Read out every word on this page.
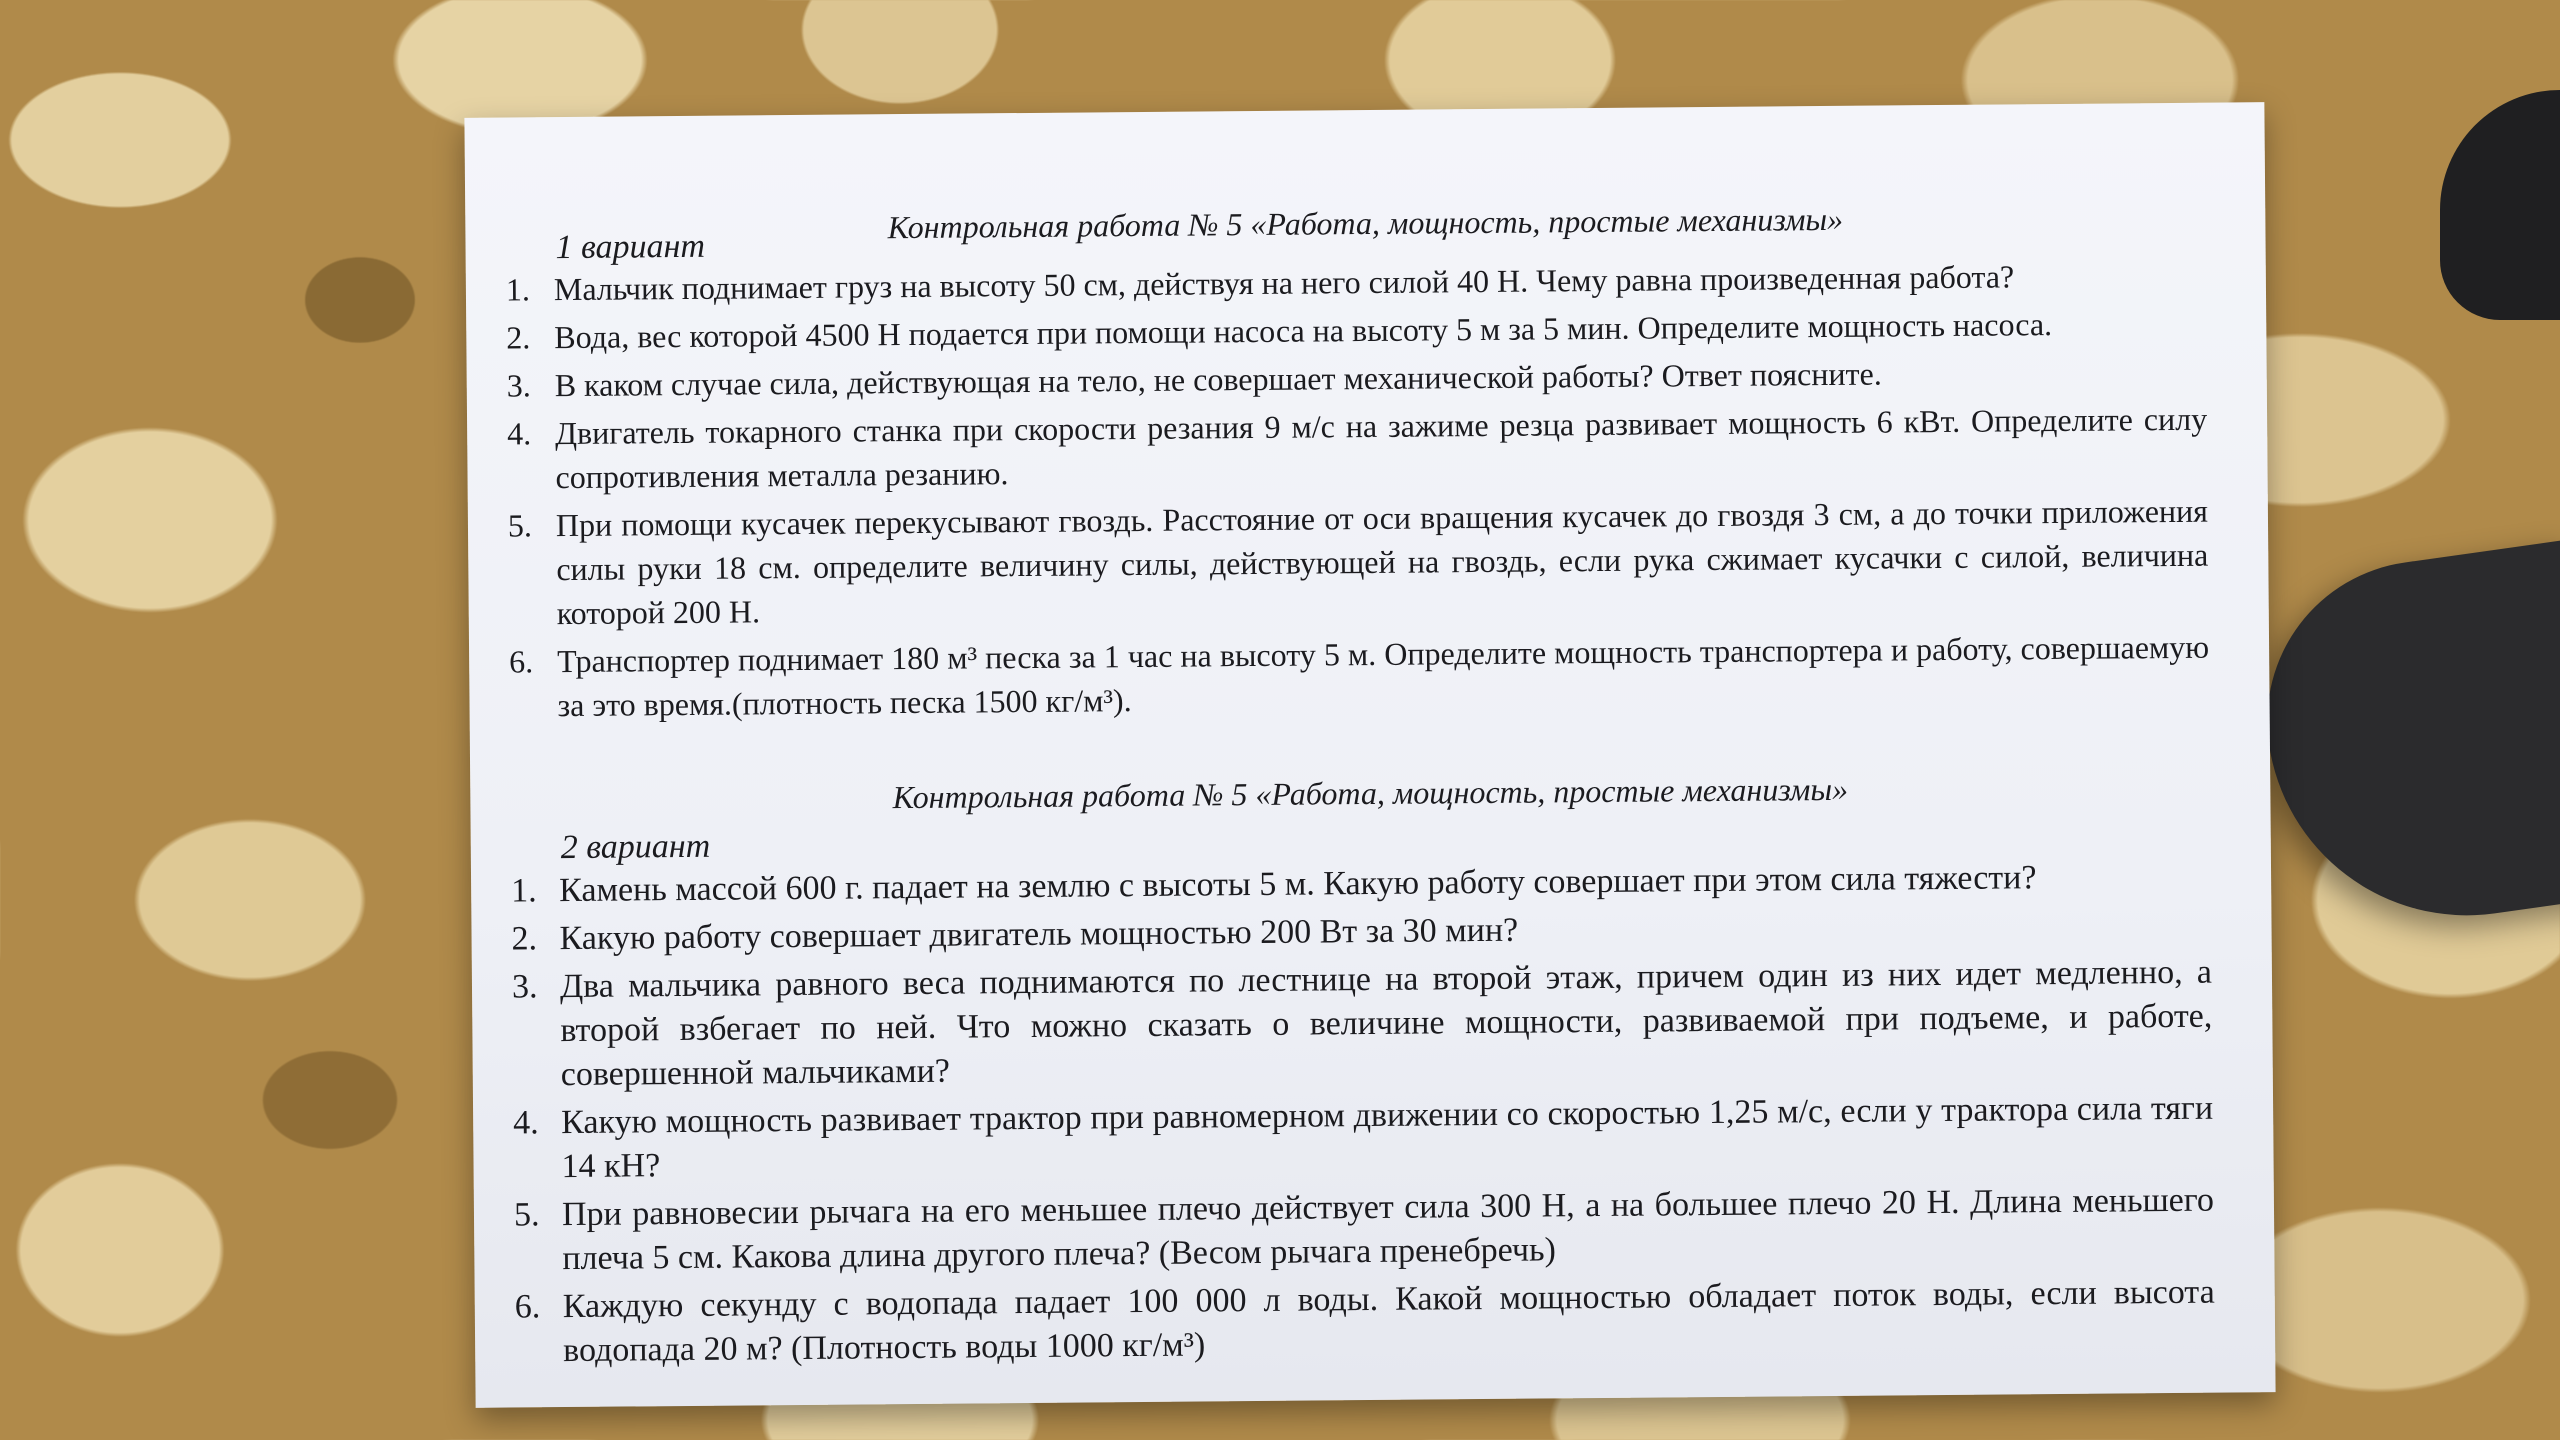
Контрольная работа № 5 «Работа, мощность, простые механизмы»
1 вариант
1. Мальчик поднимает груз на высоту 50 см, действуя на него силой 40 Н. Чему равна произведенная работа?
2. Вода, вес которой 4500 Н подается при помощи насоса на высоту 5 м за 5 мин. Определите мощность насоса.
3. В каком случае сила, действующая на тело, не совершает механической работы? Ответ поясните.
4. Двигатель токарного станка при скорости резания 9 м/с на зажиме резца развивает мощность 6 кВт. Определите силу сопротивления металла резанию.
5. При помощи кусачек перекусывают гвоздь. Расстояние от оси вращения кусачек до гвоздя 3 см, а до точки приложения силы руки 18 см. определите величину силы, действующей на гвоздь, если рука сжимает кусачки с силой, величина которой 200 Н.
6. Транспортер поднимает 180 м³ песка за 1 час на высоту 5 м. Определите мощность транспортера и работу, совершаемую за это время.(плотность песка 1500 кг/м³).
Контрольная работа № 5 «Работа, мощность, простые механизмы»
2 вариант
1. Камень массой 600 г. падает на землю с высоты 5 м. Какую работу совершает при этом сила тяжести?
2. Какую работу совершает двигатель мощностью 200 Вт за 30 мин?
3. Два мальчика равного веса поднимаются по лестнице на второй этаж, причем один из них идет медленно, а второй взбегает по ней. Что можно сказать о величине мощности, развиваемой при подъеме, и работе, совершенной мальчиками?
4. Какую мощность развивает трактор при равномерном движении со скоростью 1,25 м/с, если у трактора сила тяги 14 кН?
5. При равновесии рычага на его меньшее плечо действует сила 300 Н, а на большее плечо 20 Н. Длина меньшего плеча 5 см. Какова длина другого плеча? (Весом рычага пренебречь)
6. Каждую секунду с водопада падает 100 000 л воды. Какой мощностью обладает поток воды, если высота водопада 20 м? (Плотность воды 1000 кг/м³)
